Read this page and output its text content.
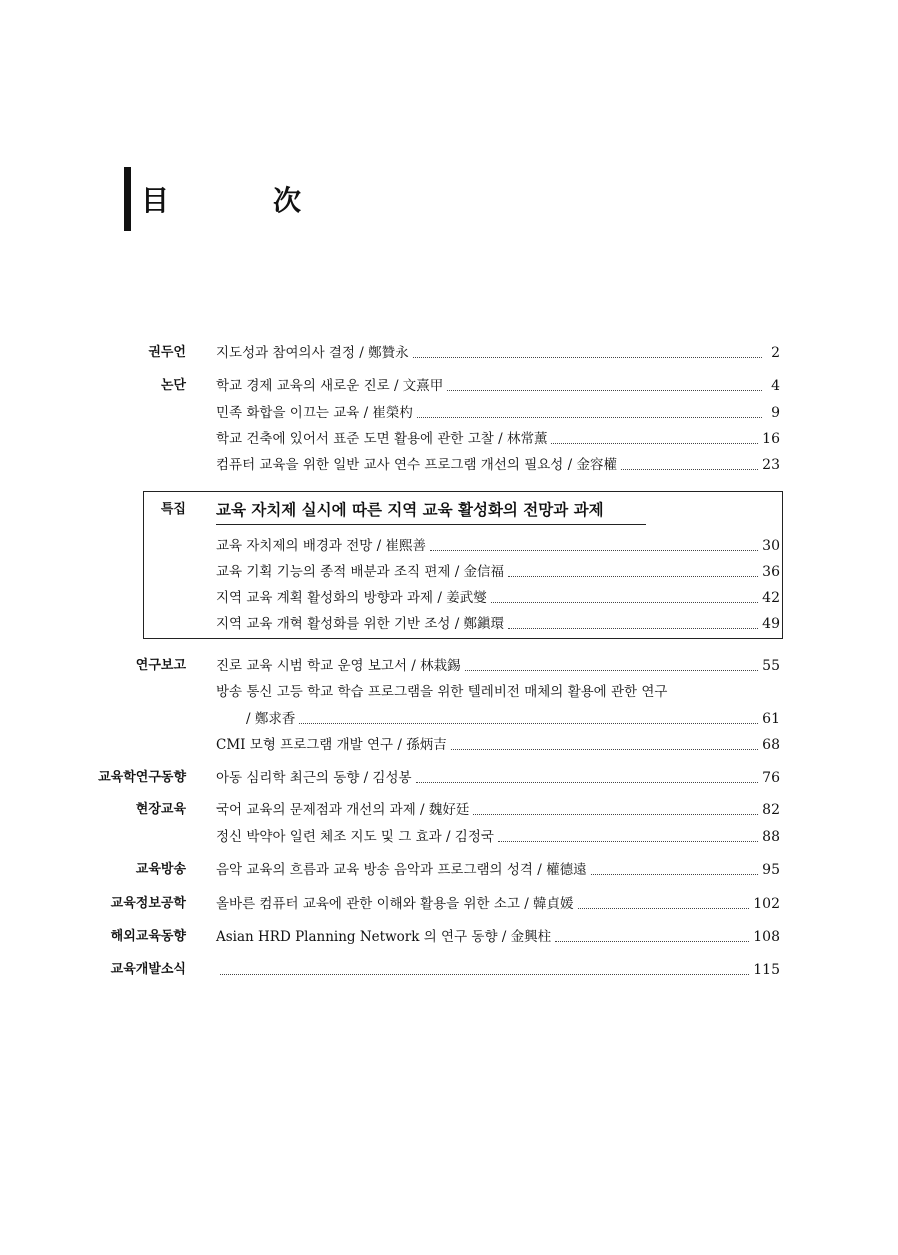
目　次
권두언 지도성과 참여의사 결정 / 鄭贊永	2
논단 학교 경제 교육의 새로운 진로 / 文熹甲	4
민족 화합을 이끄는 교육 / 崔榮杓	9
학교 건축에 있어서 표준 도면 활용에 관한 고찰 / 林常薰	16
컴퓨터 교육을 위한 일반 교사 연수 프로그램 개선의 필요성 / 金容權	23
특집 교육 자치제 실시에 따른 지역 교육 활성화의 전망과 과제
교육 자치제의 배경과 전망 / 崔熙善	30
교육 기획 기능의 종적 배분과 조직 편제 / 金信福	36
지역 교육 계획 활성화의 방향과 과제 / 姜武燮	42
지역 교육 개혁 활성화를 위한 기반 조성 / 鄭鎭環	49
연구보고 진로 교육 시범 학교 운영 보고서 / 林栽錫	55
방송 통신 고등 학교 학습 프로그램을 위한 텔레비전 매체의 활용에 관한 연구
/ 鄭求香	61
CMI 모형 프로그램 개발 연구 / 孫炳吉	68
교육학연구동향 아동 심리학 최근의 동향 / 김성봉	76
현장교육 국어 교육의 문제점과 개선의 과제 / 魏好廷	82
정신 박약아 일련 체조 지도 및 그 효과 / 김정국	88
교육방송 음악 교육의 흐름과 교육 방송 음악과 프로그램의 성격 / 權德遠	95
교육정보공학 올바른 컴퓨터 교육에 관한 이해와 활용을 위한 소고 / 韓貞媛	102
해외교육동향 Asian HRD Planning Network 의 연구 동향 / 金興柱	108
교육개발소식	115
